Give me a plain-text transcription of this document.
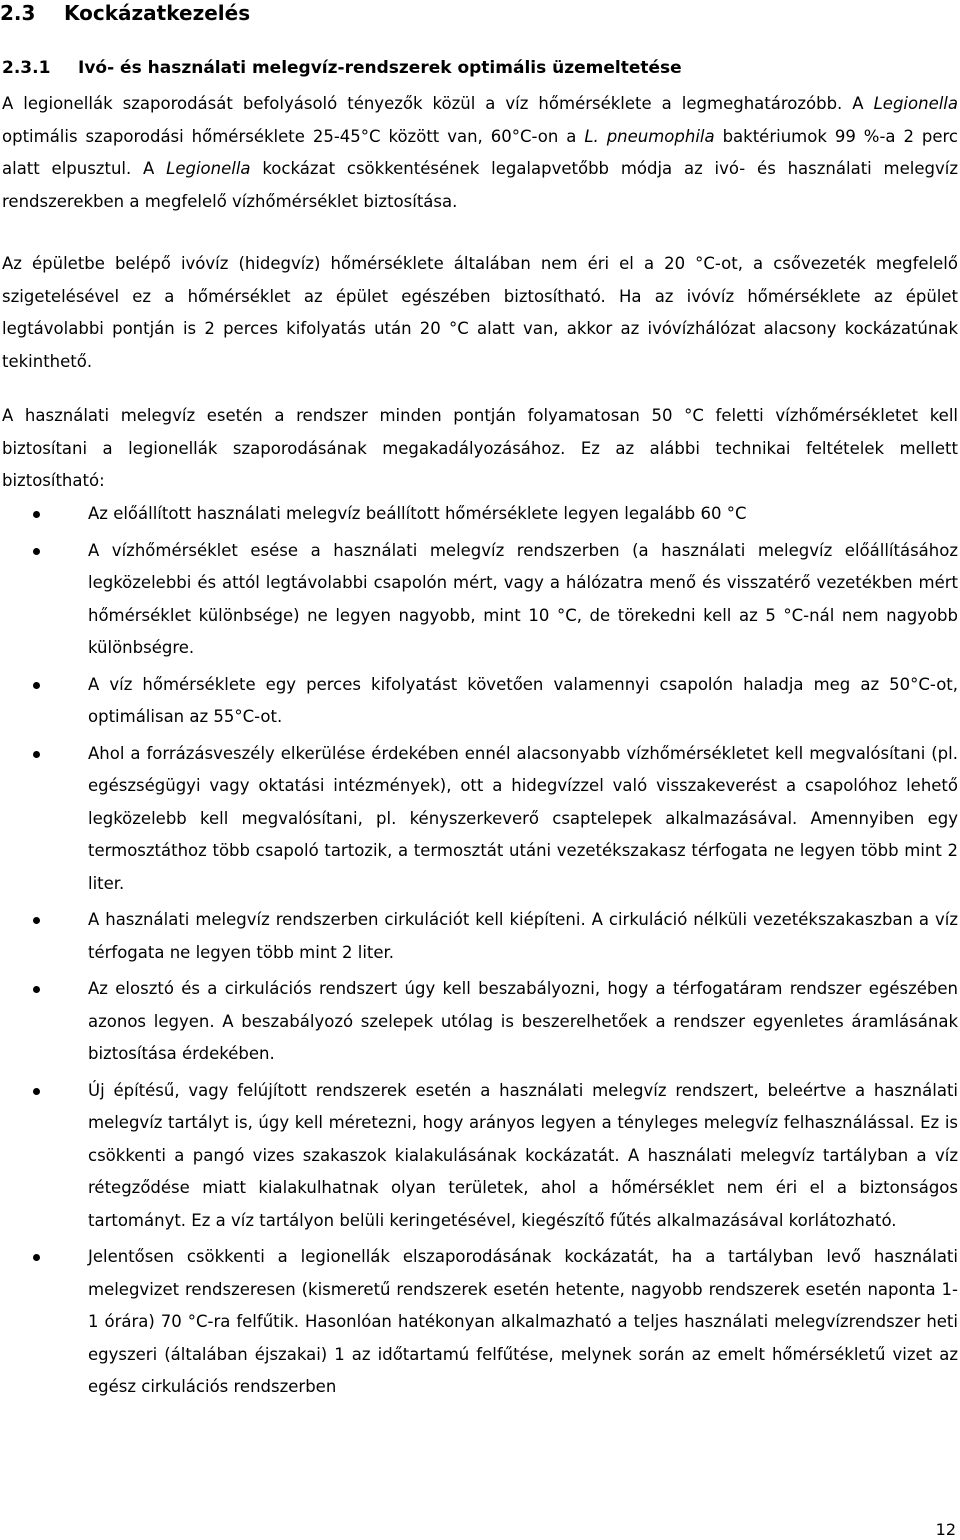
2.3 Kockázatkezelés
2.3.1 Ivó- és használati melegvíz-rendszerek optimális üzemeltetése

A legionellák szaporodását befolyásoló tényezők közül a víz hőmérséklete a legmeghatározóbb. A Legionella optimális szaporodási hőmérséklete 25-45°C között van, 60°C-on a L. pneumophila baktériumok 99 %-a 2 perc alatt elpusztul. A Legionella kockázat csökkentésének legalapvetőbb módja az ivó- és használati melegvíz rendszerekben a megfelelő vízhőmérséklet biztosítása.

Az épületbe belépő ivóvíz (hidegvíz) hőmérséklete általában nem éri el a 20 °C-ot, a csővezeték megfelelő szigetelésével ez a hőmérséklet az épület egészében biztosítható. Ha az ivóvíz hőmérséklete az épület legtávolabbi pontján is 2 perces kifolyatás után 20 °C alatt van, akkor az ivóvízhálózat alacsony kockázatúnak tekinthető.

A használati melegvíz esetén a rendszer minden pontján folyamatosan 50 °C feletti vízhőmérsékletet kell biztosítani a legionellák szaporodásának megakadályozásához. Ez az alábbi technikai feltételek mellett biztosítható:

Az előállított használati melegvíz beállított hőmérséklete legyen legalább 60 °C
A vízhőmérséklet esése a használati melegvíz rendszerben (a használati melegvíz előállításához legközelebbi és attól legtávolabbi csapolón mért, vagy a hálózatra menő és visszatérő vezetékben mért hőmérséklet különbsége) ne legyen nagyobb, mint 10 °C, de törekedni kell az 5 °C-nál nem nagyobb különbségre.
A víz hőmérséklete egy perces kifolyatást követően valamennyi csapolón haladja meg az 50°C-ot, optimálisan az 55°C-ot.
Ahol a forrázásveszély elkerülése érdekében ennél alacsonyabb vízhőmérsékletet kell megvalósítani (pl. egészségügyi vagy oktatási intézmények), ott a hidegvízzel való visszakeverést a csapolóhoz lehető legközelebb kell megvalósítani, pl. kényszerkeverő csaptelepek alkalmazásával. Amennyiben egy termosztáthoz több csapoló tartozik, a termosztát utáni vezetékszakasz térfogata ne legyen több mint 2 liter.
A használati melegvíz rendszerben cirkulációt kell kiépíteni. A cirkuláció nélküli vezetékszakaszban a víz térfogata ne legyen több mint 2 liter.
Az elosztó és a cirkulációs rendszert úgy kell beszabályozni, hogy a térfogatáram rendszer egészében azonos legyen. A beszabályozó szelepek utólag is beszerelhetőek a rendszer egyenletes áramlásának biztosítása érdekében.
Új építésű, vagy felújított rendszerek esetén a használati melegvíz rendszert, beleértve a használati melegvíz tartályt is, úgy kell méretezni, hogy arányos legyen a tényleges melegvíz felhasználással. Ez is csökkenti a pangó vizes szakaszok kialakulásának kockázatát. A használati melegvíz tartályban a víz rétegződése miatt kialakulhatnak olyan területek, ahol a hőmérséklet nem éri el a biztonságos tartományt. Ez a víz tartályon belüli keringetésével, kiegészítő fűtés alkalmazásával korlátozható.
Jelentősen csökkenti a legionellák elszaporodásának kockázatát, ha a tartályban levő használati melegvizet rendszeresen (kismeretű rendszerek esetén hetente, nagyobb rendszerek esetén naponta 1-1 órára) 70 °C-ra felfűtik. Hasonlóan hatékonyan alkalmazható a teljes használati melegvízrendszer heti egyszeri (általában éjszakai) 1 az időtartamú felfűtése, melynek során az emelt hőmérsékletű vizet az egész cirkulációs rendszerben
12
